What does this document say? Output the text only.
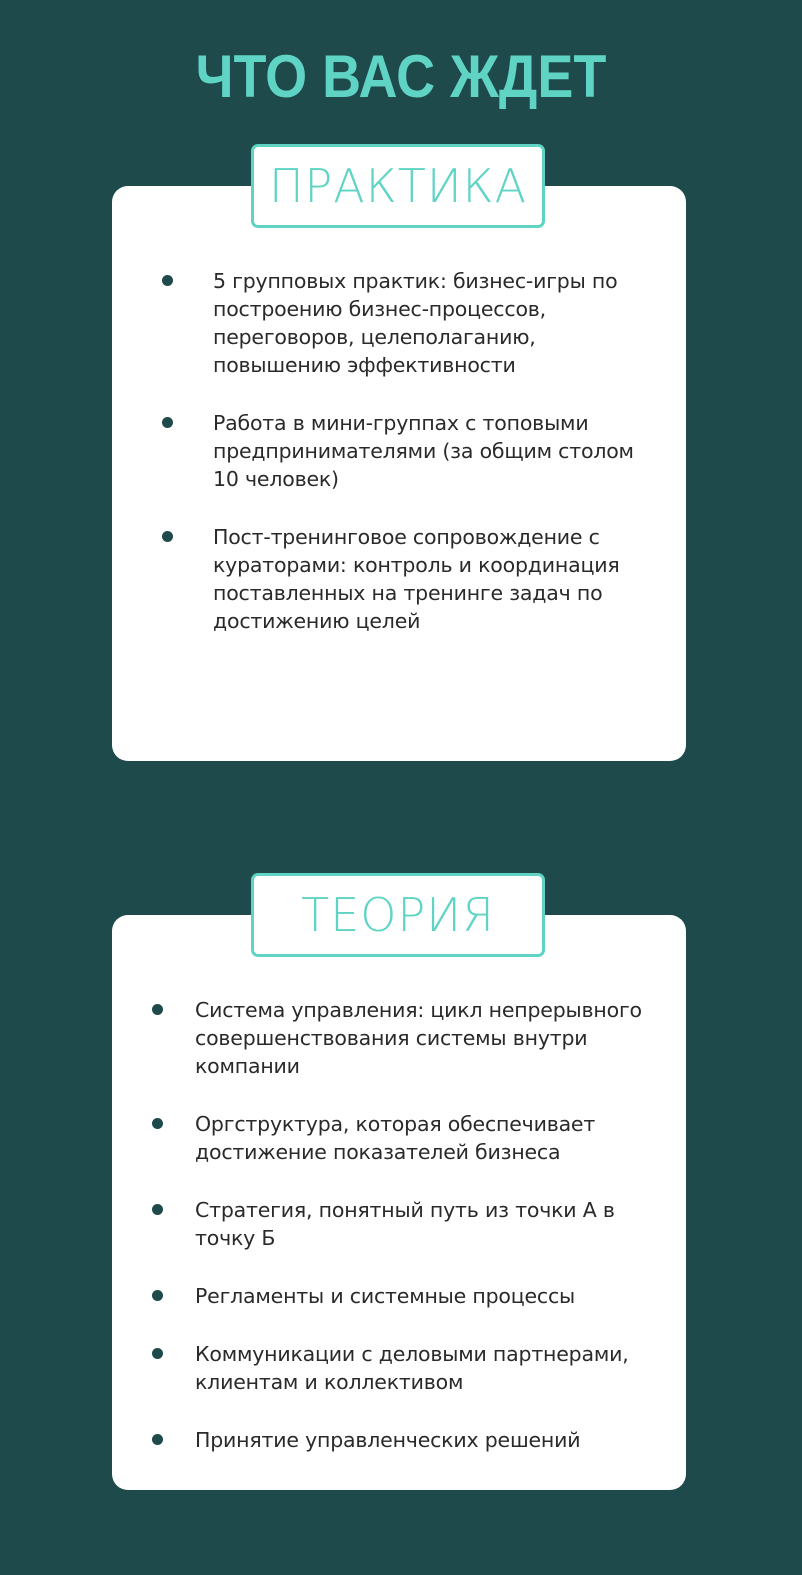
ЧТО ВАС ЖДЕТ
ПРАКТИКА
5 групповых практик: бизнес-игры по построению бизнес-процессов, переговоров, целеполаганию, повышению эффективности
Работа в мини-группах с топовыми предпринимателями (за общим столом 10 человек)
Пост-тренинговое сопровождение с кураторами: контроль и координация поставленных на тренинге задач по достижению целей
ТЕОРИЯ
Система управления: цикл непрерывного совершенствования системы внутри компании
Оргструктура, которая обеспечивает достижение показателей бизнеса
Стратегия, понятный путь из точки А в точку Б
Регламенты и системные процессы
Коммуникации с деловыми партнерами, клиентам и коллективом
Принятие управленческих решений
